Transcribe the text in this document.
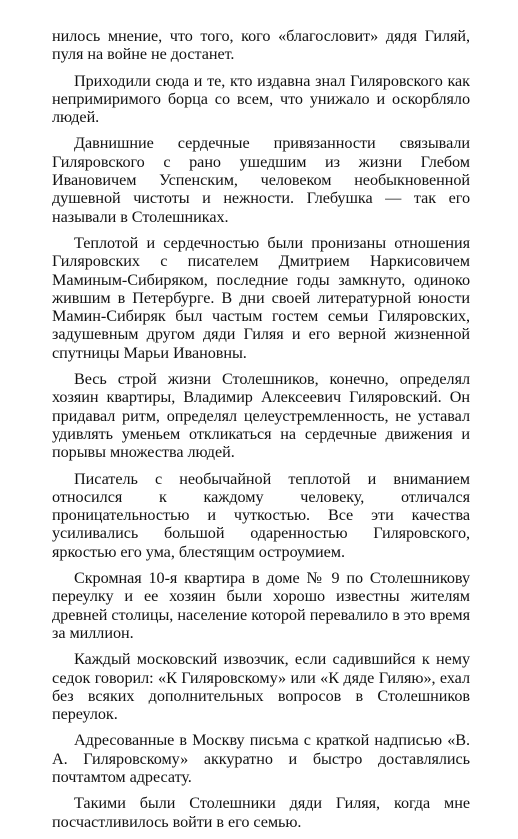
нилось мнение, что того, кого «благословит» дядя Гиляй, пуля на войне не достанет.

Приходили сюда и те, кто издавна знал Гиляровского как непримиримого борца со всем, что унижало и оскорбляло людей.

Давнишние сердечные привязанности связывали Гиляровского с рано ушедшим из жизни Глебом Ивановичем Успенским, человеком необыкновенной душевной чистоты и нежности. Глебушка — так его называли в Столешниках.

Теплотой и сердечностью были пронизаны отношения Гиляровских с писателем Дмитрием Наркисовичем Маминым-Сибиряком, последние годы замкнуто, одиноко жившим в Петербурге. В дни своей литературной юности Мамин-Сибиряк был частым гостем семьи Гиляровских, задушевным другом дяди Гиляя и его верной жизненной спутницы Марьи Ивановны.

Весь строй жизни Столешников, конечно, определял хозяин квартиры, Владимир Алексеевич Гиляровский. Он придавал ритм, определял целеустремленность, не уставал удивлять уменьем откликаться на сердечные движения и порывы множества людей.

Писатель с необычайной теплотой и вниманием относился к каждому человеку, отличался проницательностью и чуткостью. Все эти качества усиливались большой одаренностью Гиляровского, яркостью его ума, блестящим остроумием.

Скромная 10-я квартира в доме № 9 по Столешникову переулку и ее хозяин были хорошо известны жителям древней столицы, население которой перевалило в это время за миллион.

Каждый московский извозчик, если садившийся к нему седок говорил: «К Гиляровскому» или «К дяде Гиляю», ехал без всяких дополнительных вопросов в Столешников переулок.

Адресованные в Москву письма с краткой надписью «В. А. Гиляровскому» аккуратно и быстро доставлялись почтамтом адресату.

Такими были Столешники дяди Гиляя, когда мне посчастливилось войти в его семью.
